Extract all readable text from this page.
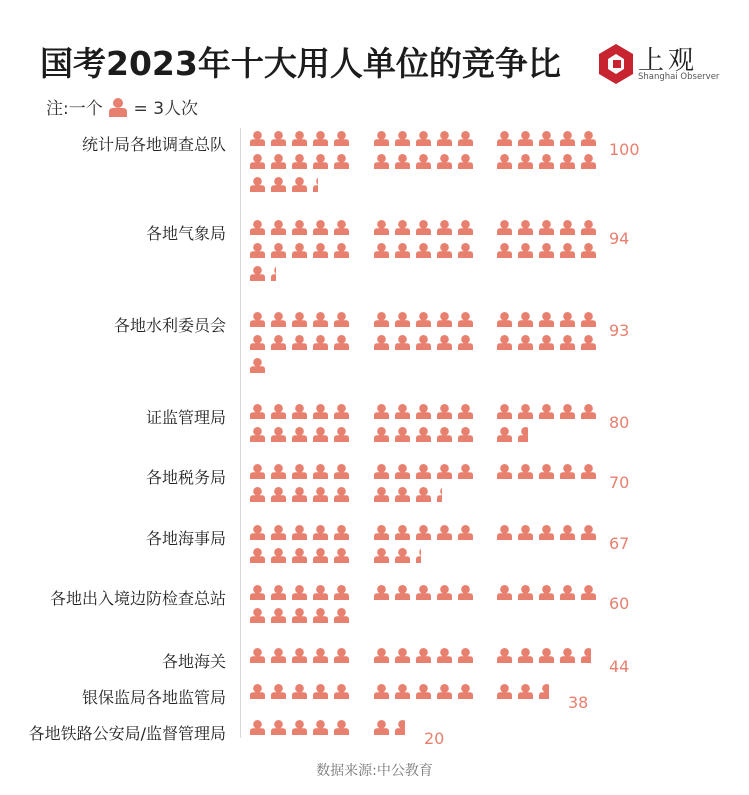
国考2023年十大用人单位的竞争比	上观
Shanghai Observer
注:一个 = 3人次
统计局各地调查总队	100
各地气象局	94
各地水利委员会	93
证监管理局	80
各地税务局	70
各地海事局	67
各地出入境边防检查总站	60
各地海关	44
银保监局各地监管局	38
各地铁路公安局/监督管理局	20
数据来源:中公教育
